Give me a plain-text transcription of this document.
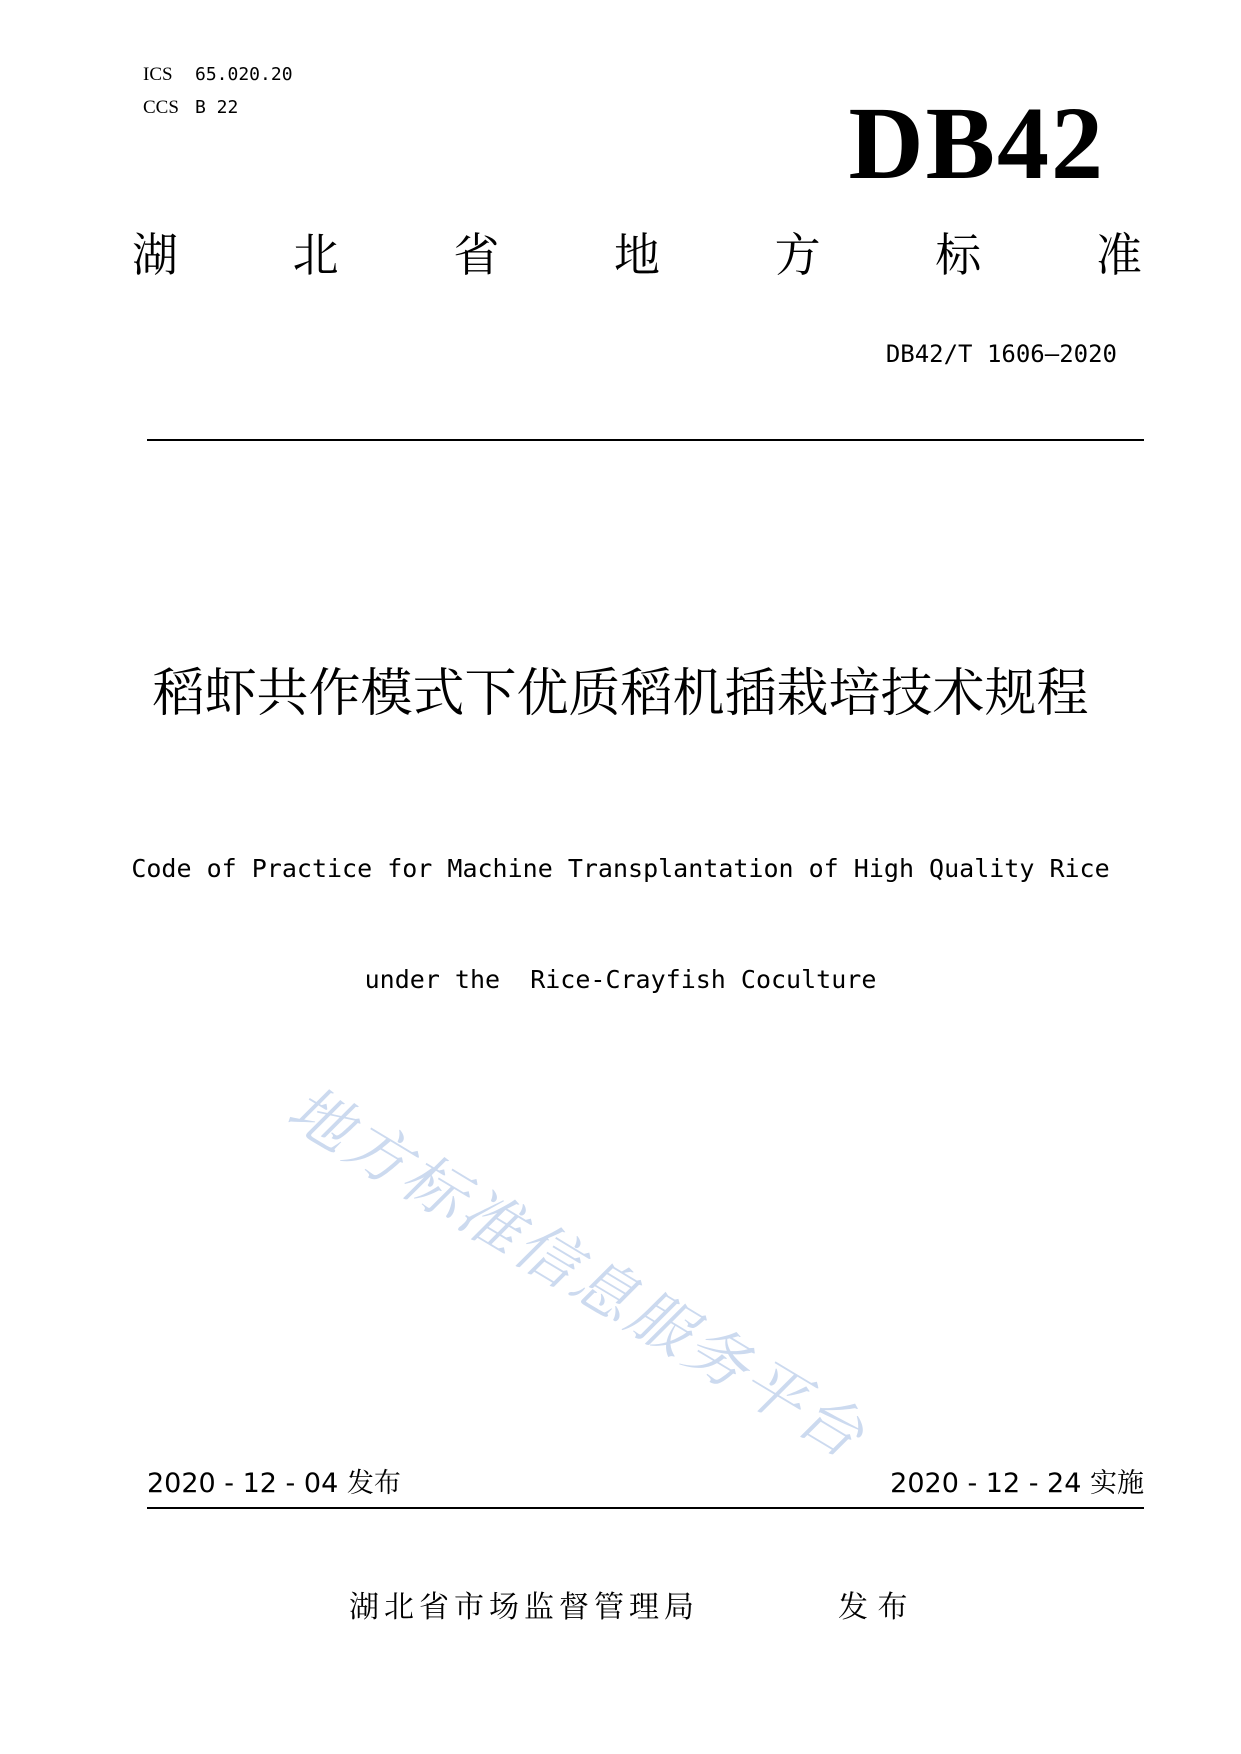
ICS 65.020.20
CCS B 22	DB42
湖 北 省 地 方 标 准
DB42/T 1606—2020
稻虾共作模式下优质稻机插栽培技术规程

Code of Practice for Machine Transplantation of High Quality Rice

under the  Rice-Crayfish Coculture

地方标准信息服务平台
2020 - 12 - 04 发布	2020 - 12 - 24 实施
湖北省市场监督管理局	发 布
